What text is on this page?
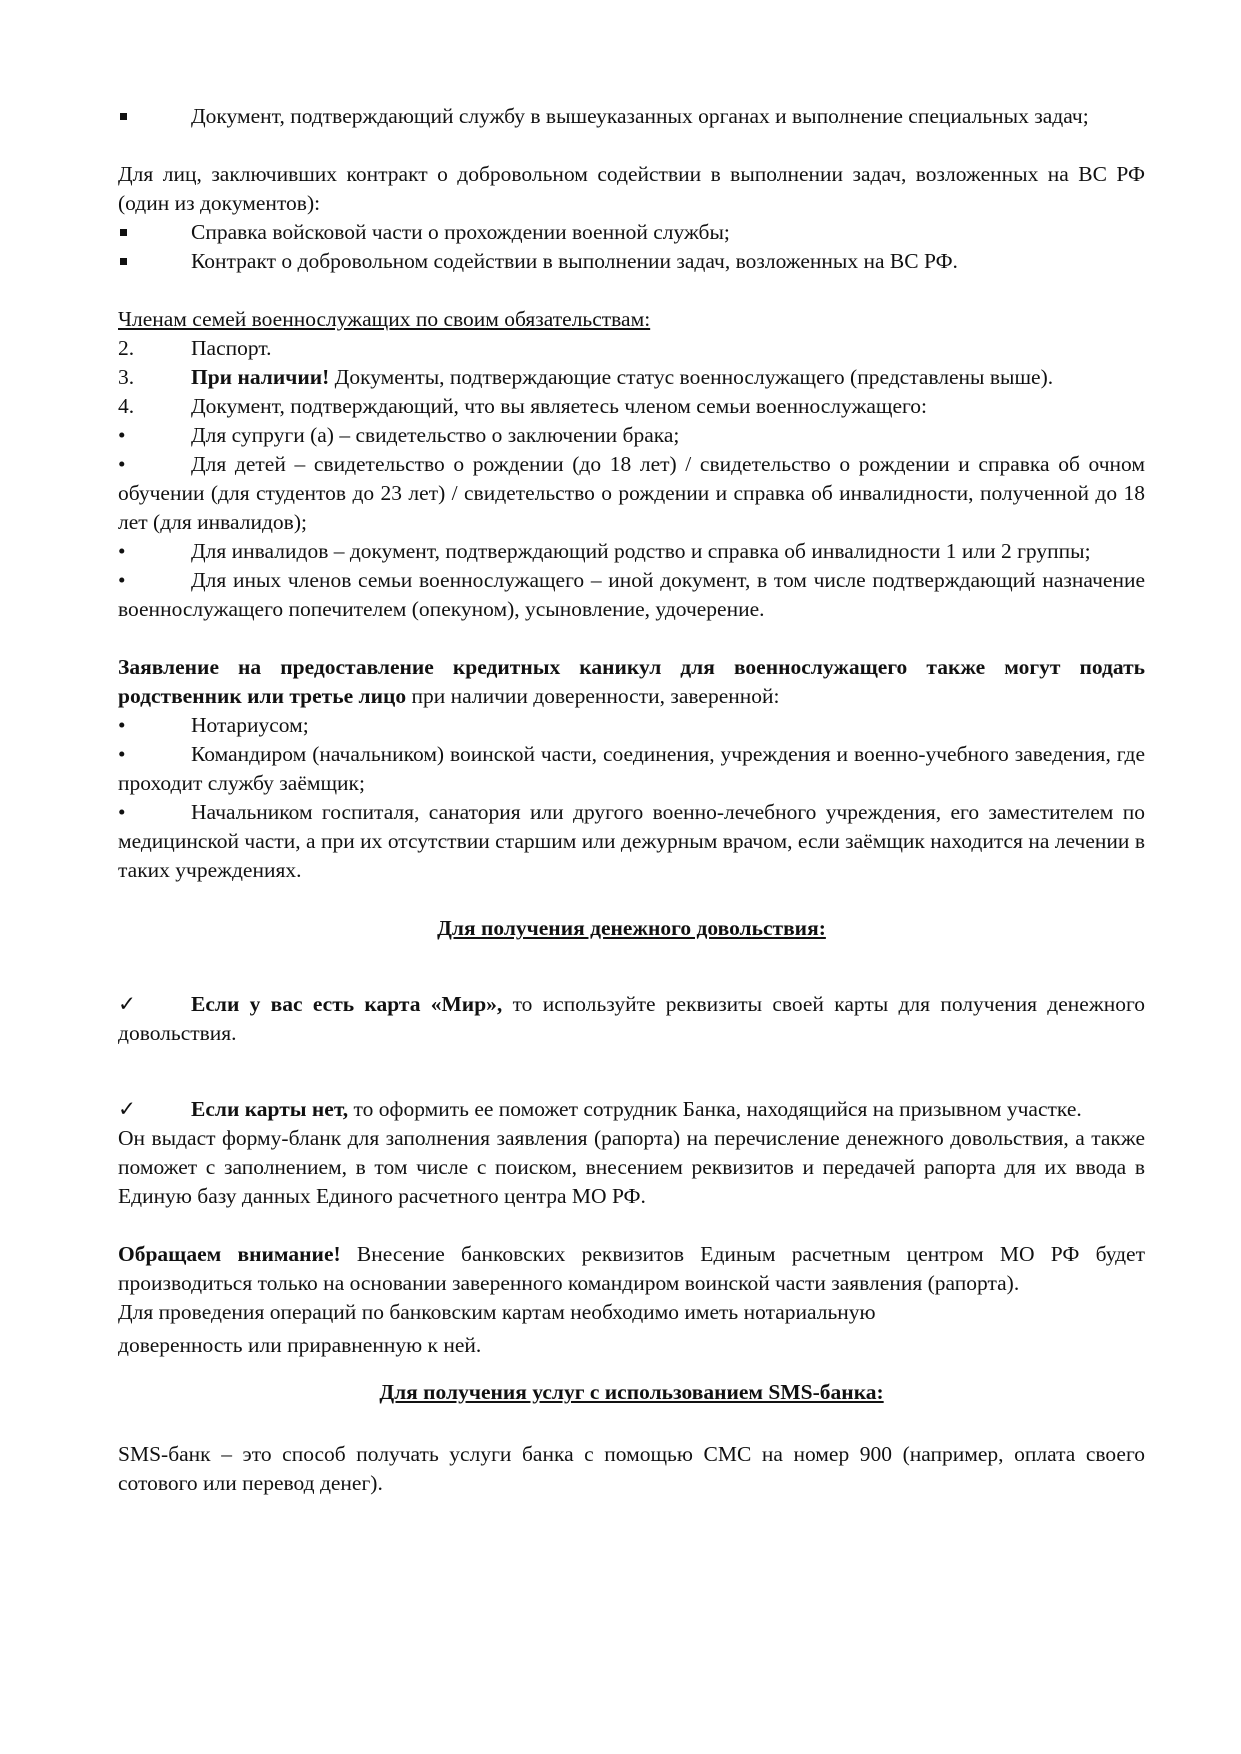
Документ, подтверждающий службу в вышеуказанных органах и выполнение специальных задач;

Для лиц, заключивших контракт о добровольном содействии в выполнении задач, возложенных на ВС РФ (один из документов):

Справка войсковой части о прохождении военной службы;

Контракт о добровольном содействии в выполнении задач, возложенных на ВС РФ.

Членам семей военнослужащих по своим обязательствам:

2.	Паспорт.

3.	При наличии! Документы, подтверждающие статус военнослужащего (представлены выше).

4.	Документ, подтверждающий, что вы являетесь членом семьи военнослужащего:

•	Для супруги (а) – свидетельство о заключении брака;

•	Для детей – свидетельство о рождении (до 18 лет) / свидетельство о рождении и справка об очном обучении (для студентов до 23 лет) / свидетельство о рождении и справка об инвалидности, полученной до 18 лет (для инвалидов);

•	Для инвалидов – документ, подтверждающий родство и справка об инвалидности 1 или 2 группы;

•	Для иных членов семьи военнослужащего – иной документ, в том числе подтверждающий назначение военнослужащего попечителем (опекуном), усыновление, удочерение.

Заявление на предоставление кредитных каникул для военнослужащего также могут подать родственник или третье лицо при наличии доверенности, заверенной:

•	Нотариусом;

•	Командиром (начальником) воинской части, соединения, учреждения и военно-учебного заведения, где проходит службу заёмщик;

•	Начальником госпиталя, санатория или другого военно-лечебного учреждения, его заместителем по медицинской части, а при их отсутствии старшим или дежурным врачом, если заёмщик находится на лечении в таких учреждениях.

Для получения денежного довольствия:

✓	Если у вас есть карта «Мир», то используйте реквизиты своей карты для получения денежного довольствия.

✓	Если карты нет, то оформить ее поможет сотрудник Банка, находящийся на призывном участке.

Он выдаст форму-бланк для заполнения заявления (рапорта) на перечисление денежного довольствия, а также поможет с заполнением, в том числе с поиском, внесением реквизитов и передачей рапорта для их ввода в Единую базу данных Единого расчетного центра МО РФ.

Обращаем внимание! Внесение банковских реквизитов Единым расчетным центром МО РФ будет производиться только на основании заверенного командиром воинской части заявления (рапорта).

Для проведения операций по банковским картам необходимо иметь нотариальную

доверенность или приравненную к ней.

Для получения услуг с использованием SMS-банка:

SMS-банк – это способ получать услуги банка с помощью СМС на номер 900 (например, оплата своего сотового или перевод денег).
